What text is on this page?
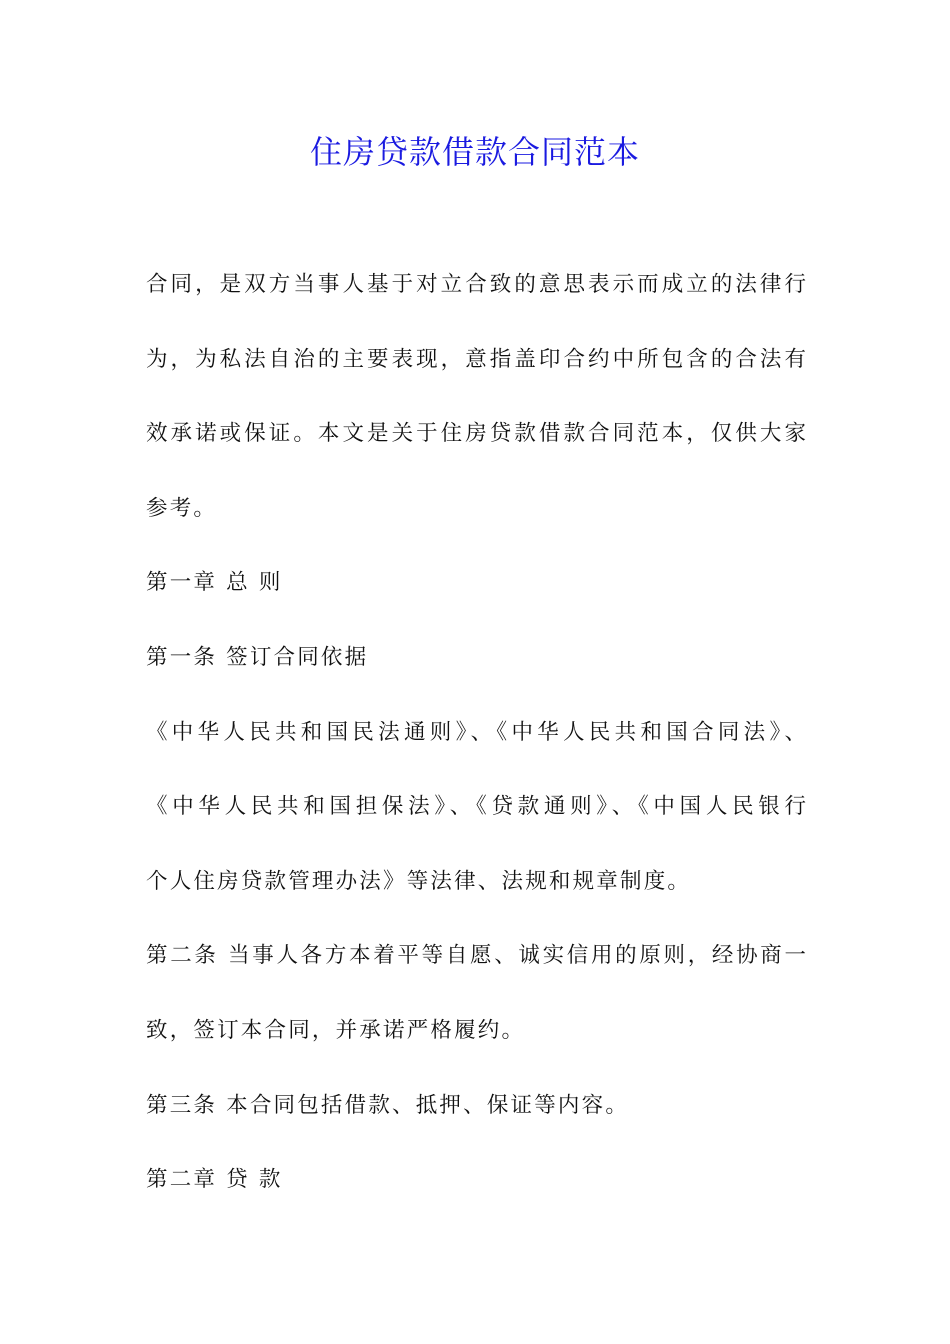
住房贷款借款合同范本
合同，是双方当事人基于对立合致的意思表示而成立的法律行
为，为私法自治的主要表现，意指盖印合约中所包含的合法有
效承诺或保证。本文是关于住房贷款借款合同范本，仅供大家
参考。
第一章 总 则
第一条 签订合同依据
《中华人民共和国民法通则》、《中华人民共和国合同法》、
《中华人民共和国担保法》、《贷款通则》、《中国人民银行
个人住房贷款管理办法》等法律、法规和规章制度。
第二条 当事人各方本着平等自愿、诚实信用的原则，经协商一
致，签订本合同，并承诺严格履约。
第三条 本合同包括借款、抵押、保证等内容。
第二章 贷 款
